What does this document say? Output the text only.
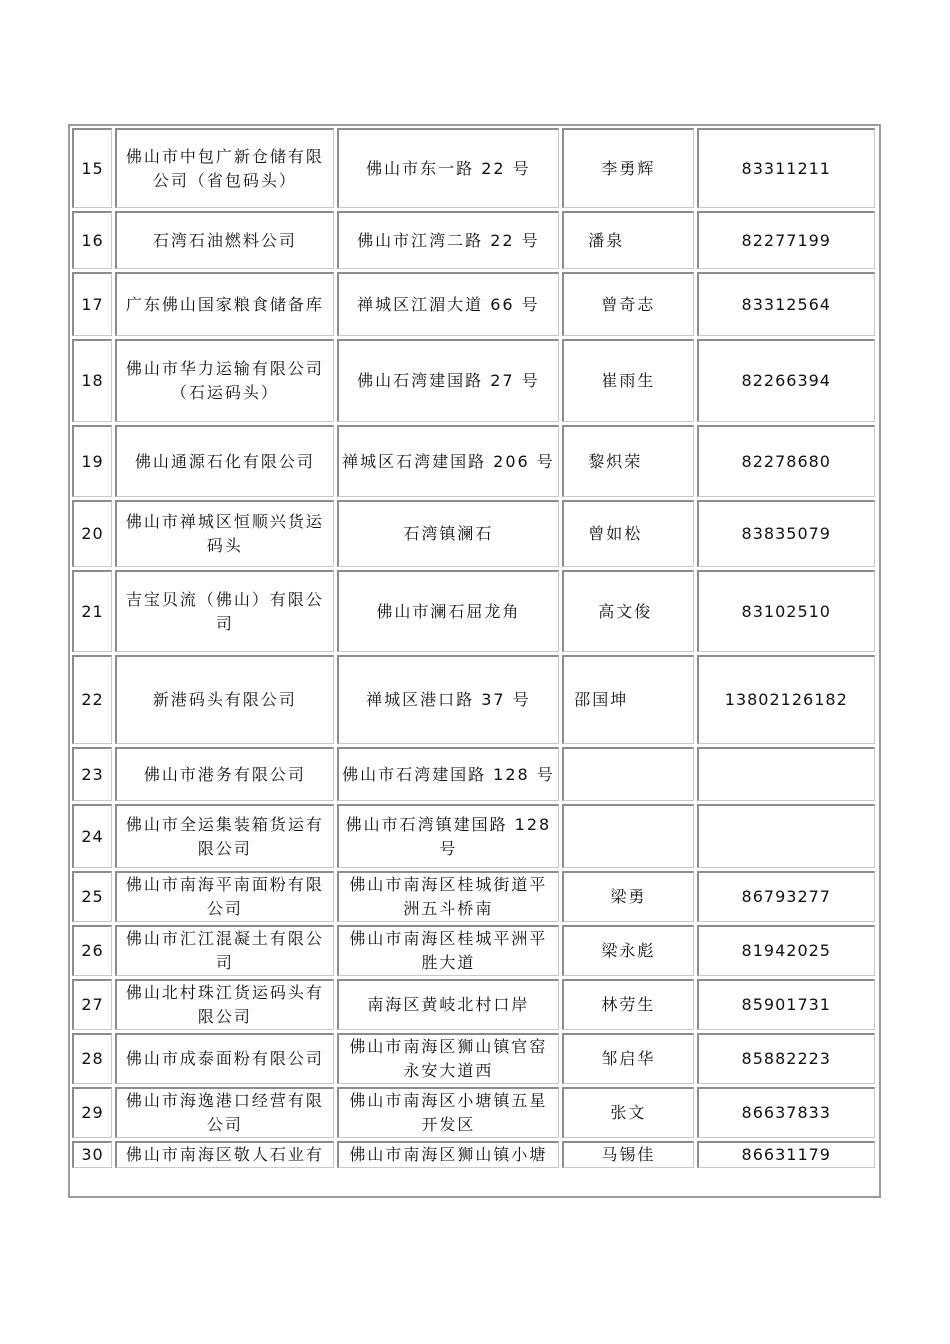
15	佛山市中包广新仓储有限公司（省包码头）	佛山市东一路 22 号	李勇辉	83311211
16	石湾石油燃料公司	佛山市江湾二路 22 号	潘泉	82277199
17	广东佛山国家粮食储备库	禅城区江湄大道 66 号	曾奇志	83312564
18	佛山市华力运输有限公司（石运码头）	佛山石湾建国路 27 号	崔雨生	82266394
19	佛山通源石化有限公司	禅城区石湾建国路 206 号	黎炽荣	82278680
20	佛山市禅城区恒顺兴货运码头	石湾镇澜石	曾如松	83835079
21	吉宝贝流（佛山）有限公司	佛山市澜石屈龙角	高文俊	83102510
22	新港码头有限公司	禅城区港口路 37 号	邵国坤	13802126182
23	佛山市港务有限公司	佛山市石湾建国路 128 号		
24	佛山市全运集装箱货运有限公司	佛山市石湾镇建国路 128 号		
25	佛山市南海平南面粉有限公司	佛山市南海区桂城街道平洲五斗桥南	梁勇	86793277
26	佛山市汇江混凝土有限公司	佛山市南海区桂城平洲平胜大道	梁永彪	81942025
27	佛山北村珠江货运码头有限公司	南海区黄岐北村口岸	林劳生	85901731
28	佛山市成泰面粉有限公司	佛山市南海区狮山镇官窑永安大道西	邹启华	85882223
29	佛山市海逸港口经营有限公司	佛山市南海区小塘镇五星开发区	张文	86637833
30	佛山市南海区敬人石业有	佛山市南海区狮山镇小塘	马锡佳	86631179
